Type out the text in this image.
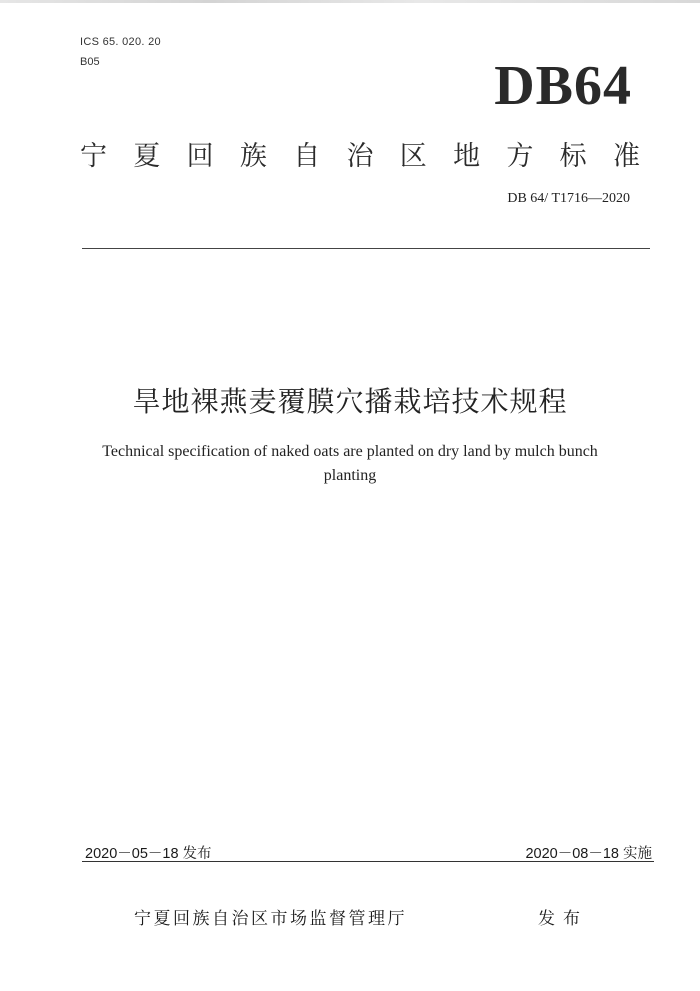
ICS 65. 020. 20
B05	DB64
宁 夏 回 族 自 治 区 地 方 标 准
DB 64/ T1716—2020
旱地裸燕麦覆膜穴播栽培技术规程
Technical specification of naked oats are planted on dry land by mulch bunch
planting
2020－05－18 发布	2020－08－18 实施
宁夏回族自治区市场监督管理厅	发布
